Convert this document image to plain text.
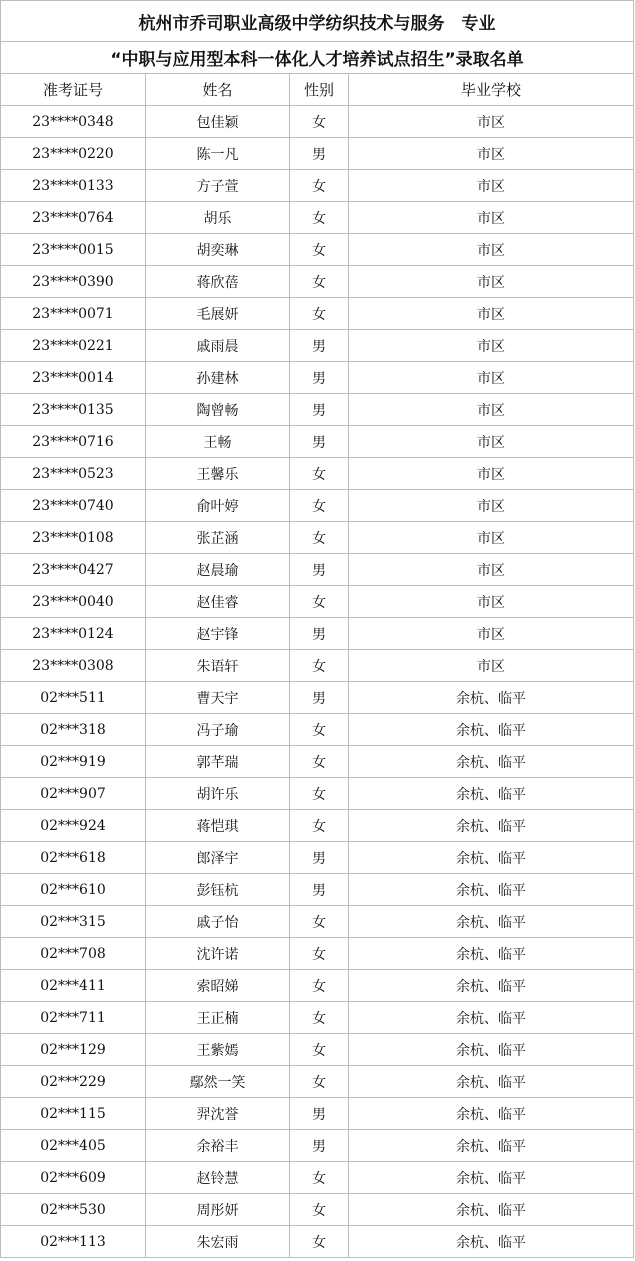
杭州市乔司职业高级中学纺织技术与服务　专业			
“中职与应用型本科一体化人才培养试点招生”录取名单			
准考证号	姓名	性别	毕业学校
23****0348	包佳颖	女	市区
23****0220	陈一凡	男	市区
23****0133	方子萱	女	市区
23****0764	胡乐	女	市区
23****0015	胡奕琳	女	市区
23****0390	蒋欣蓓	女	市区
23****0071	毛展妍	女	市区
23****0221	戚雨晨	男	市区
23****0014	孙建林	男	市区
23****0135	陶曾畅	男	市区
23****0716	王畅	男	市区
23****0523	王馨乐	女	市区
23****0740	俞叶婷	女	市区
23****0108	张芷涵	女	市区
23****0427	赵晨瑜	男	市区
23****0040	赵佳睿	女	市区
23****0124	赵宇锋	男	市区
23****0308	朱语轩	女	市区
02***511	曹天宇	男	余杭、临平
02***318	冯子瑜	女	余杭、临平
02***919	郭芊瑞	女	余杭、临平
02***907	胡许乐	女	余杭、临平
02***924	蒋恺琪	女	余杭、临平
02***618	郎泽宇	男	余杭、临平
02***610	彭钰杭	男	余杭、临平
02***315	戚子怡	女	余杭、临平
02***708	沈许诺	女	余杭、临平
02***411	索昭娣	女	余杭、临平
02***711	王正楠	女	余杭、临平
02***129	王紫嫣	女	余杭、临平
02***229	鄢然一笑	女	余杭、临平
02***115	羿沈誉	男	余杭、临平
02***405	余裕丰	男	余杭、临平
02***609	赵铃慧	女	余杭、临平
02***530	周彤妍	女	余杭、临平
02***113	朱宏雨	女	余杭、临平
